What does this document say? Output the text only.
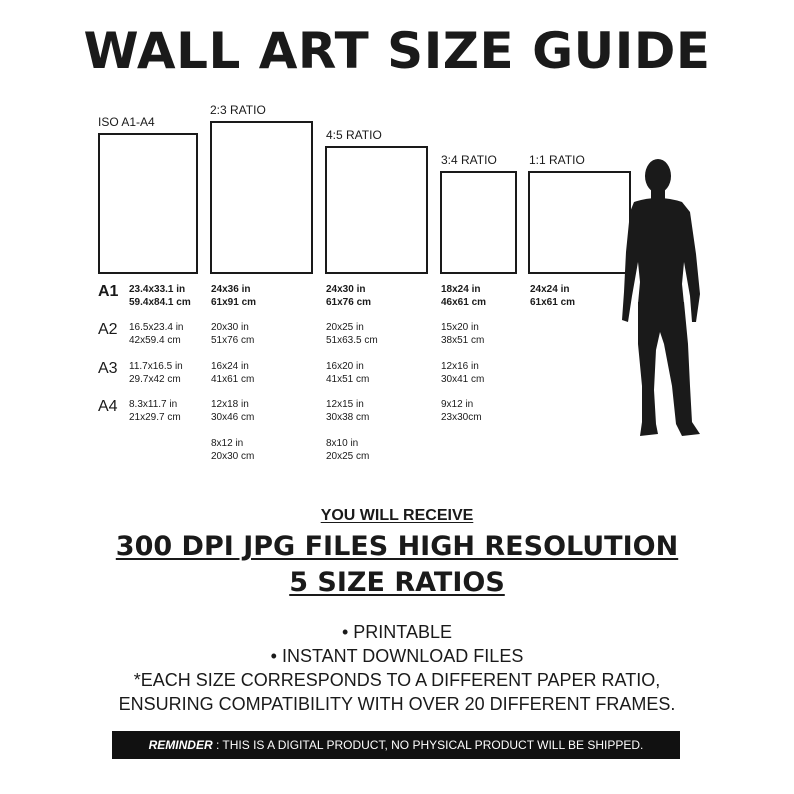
WALL ART SIZE GUIDE
ISO A1-A4
A1 23.4x33.1 in
59.4x84.1 cm
A2 16.5x23.4 in
42x59.4 cm
A3 11.7x16.5 in
29.7x42 cm
A4 8.3x11.7 in
21x29.7 cm
2:3 RATIO
24x36 in
61x91 cm
20x30 in
51x76 cm
16x24 in
41x61 cm
12x18 in
30x46 cm
8x12 in
20x30 cm
4:5 RATIO
24x30 in
61x76 cm
20x25 in
51x63.5 cm
16x20 in
41x51 cm
12x15 in
30x38 cm
8x10 in
20x25 cm
3:4 RATIO
18x24 in
46x61 cm
15x20 in
38x51 cm
12x16 in
30x41 cm
9x12 in
23x30cm
1:1 RATIO
24x24 in
61x61 cm
YOU WILL RECEIVE
300 DPI JPG FILES HIGH RESOLUTION
5 SIZE RATIOS
• PRINTABLE
• INSTANT DOWNLOAD FILES
*EACH SIZE CORRESPONDS TO A DIFFERENT PAPER RATIO,
ENSURING COMPATIBILITY WITH OVER 20 DIFFERENT FRAMES.
REMINDER : THIS IS A DIGITAL PRODUCT, NO PHYSICAL PRODUCT WILL BE SHIPPED.
